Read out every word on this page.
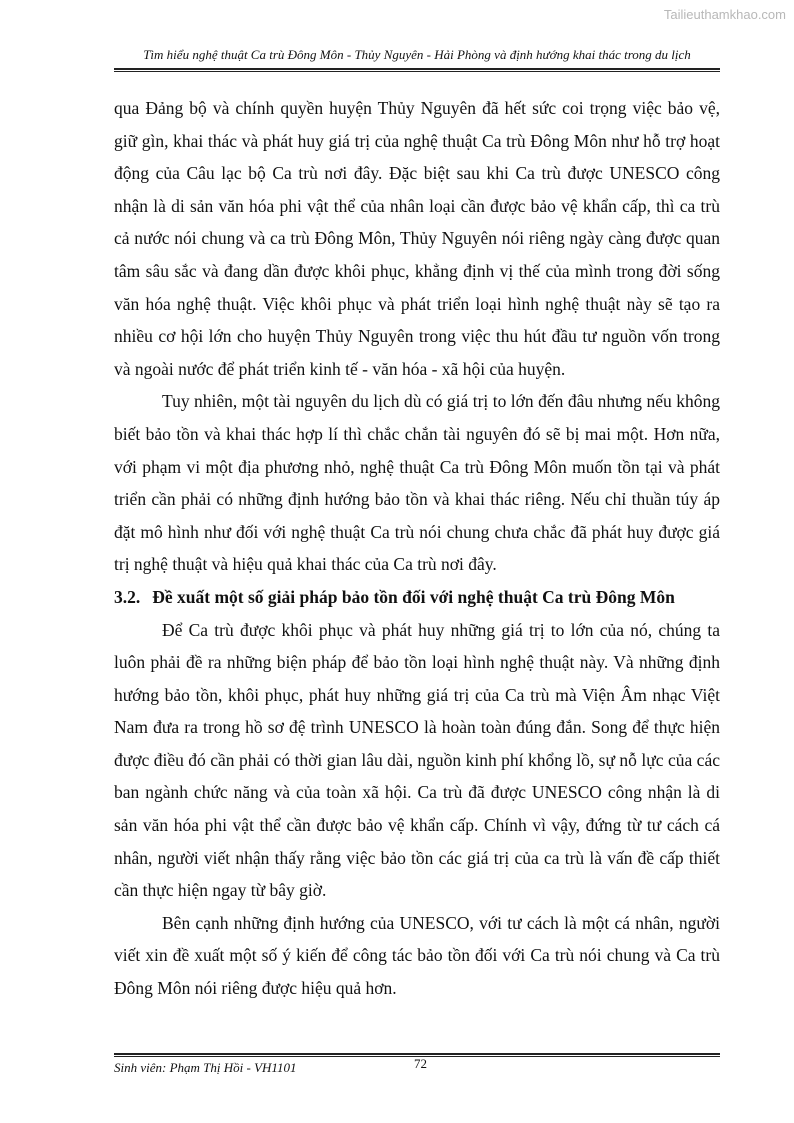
Tailieuthamkhao.com
Tìm hiểu nghệ thuật Ca trù Đông Môn - Thủy Nguyên - Hải Phòng và định hướng khai thác trong du lịch

qua Đảng bộ và chính quyền huyện Thủy Nguyên đã hết sức coi trọng việc bảo vệ, giữ gìn, khai thác và phát huy giá trị của nghệ thuật Ca trù Đông Môn như hỗ trợ hoạt động của Câu lạc bộ Ca trù nơi đây. Đặc biệt sau khi Ca trù được UNESCO công nhận là di sản văn hóa phi vật thể của nhân loại cần được bảo vệ khẩn cấp, thì ca trù cả nước nói chung và ca trù Đông Môn, Thủy Nguyên nói riêng ngày càng được quan tâm sâu sắc và đang dần được khôi phục, khẳng định vị thế của mình trong đời sống văn hóa nghệ thuật. Việc khôi phục và phát triển loại hình nghệ thuật này sẽ tạo ra nhiều cơ hội lớn cho huyện Thủy Nguyên trong việc thu hút đầu tư nguồn vốn trong và ngoài nước để phát triển kinh tế - văn hóa - xã hội của huyện.

Tuy nhiên, một tài nguyên du lịch dù có giá trị to lớn đến đâu nhưng nếu không biết bảo tồn và khai thác hợp lí thì chắc chắn tài nguyên đó sẽ bị mai một. Hơn nữa, với phạm vi một địa phương nhỏ, nghệ thuật Ca trù Đông Môn muốn tồn tại và phát triển cần phải có những định hướng bảo tồn và khai thác riêng. Nếu chỉ thuần túy áp đặt mô hình như đối với nghệ thuật Ca trù nói chung chưa chắc đã phát huy được giá trị nghệ thuật và hiệu quả khai thác của Ca trù nơi đây.

3.2. Đề xuất một số giải pháp bảo tồn đối với nghệ thuật Ca trù Đông Môn

Để Ca trù được khôi phục và phát huy những giá trị to lớn của nó, chúng ta luôn phải đề ra những biện pháp để bảo tồn loại hình nghệ thuật này. Và những định hướng bảo tồn, khôi phục, phát huy những giá trị của Ca trù mà Viện Âm nhạc Việt Nam đưa ra trong hồ sơ đệ trình UNESCO là hoàn toàn đúng đắn. Song để thực hiện được điều đó cần phải có thời gian lâu dài, nguồn kinh phí khổng lồ, sự nỗ lực của các ban ngành chức năng và của toàn xã hội. Ca trù đã được UNESCO công nhận là di sản văn hóa phi vật thể cần được bảo vệ khẩn cấp. Chính vì vậy, đứng từ tư cách cá nhân, người viết nhận thấy rằng việc bảo tồn các giá trị của ca trù là vấn đề cấp thiết cần thực hiện ngay từ bây giờ.

Bên cạnh những định hướng của UNESCO, với tư cách là một cá nhân, người viết xin đề xuất một số ý kiến để công tác bảo tồn đối với Ca trù nói chung và Ca trù Đông Môn nói riêng được hiệu quả hơn.

Sinh viên: Phạm Thị Hồi - VH1101	72
